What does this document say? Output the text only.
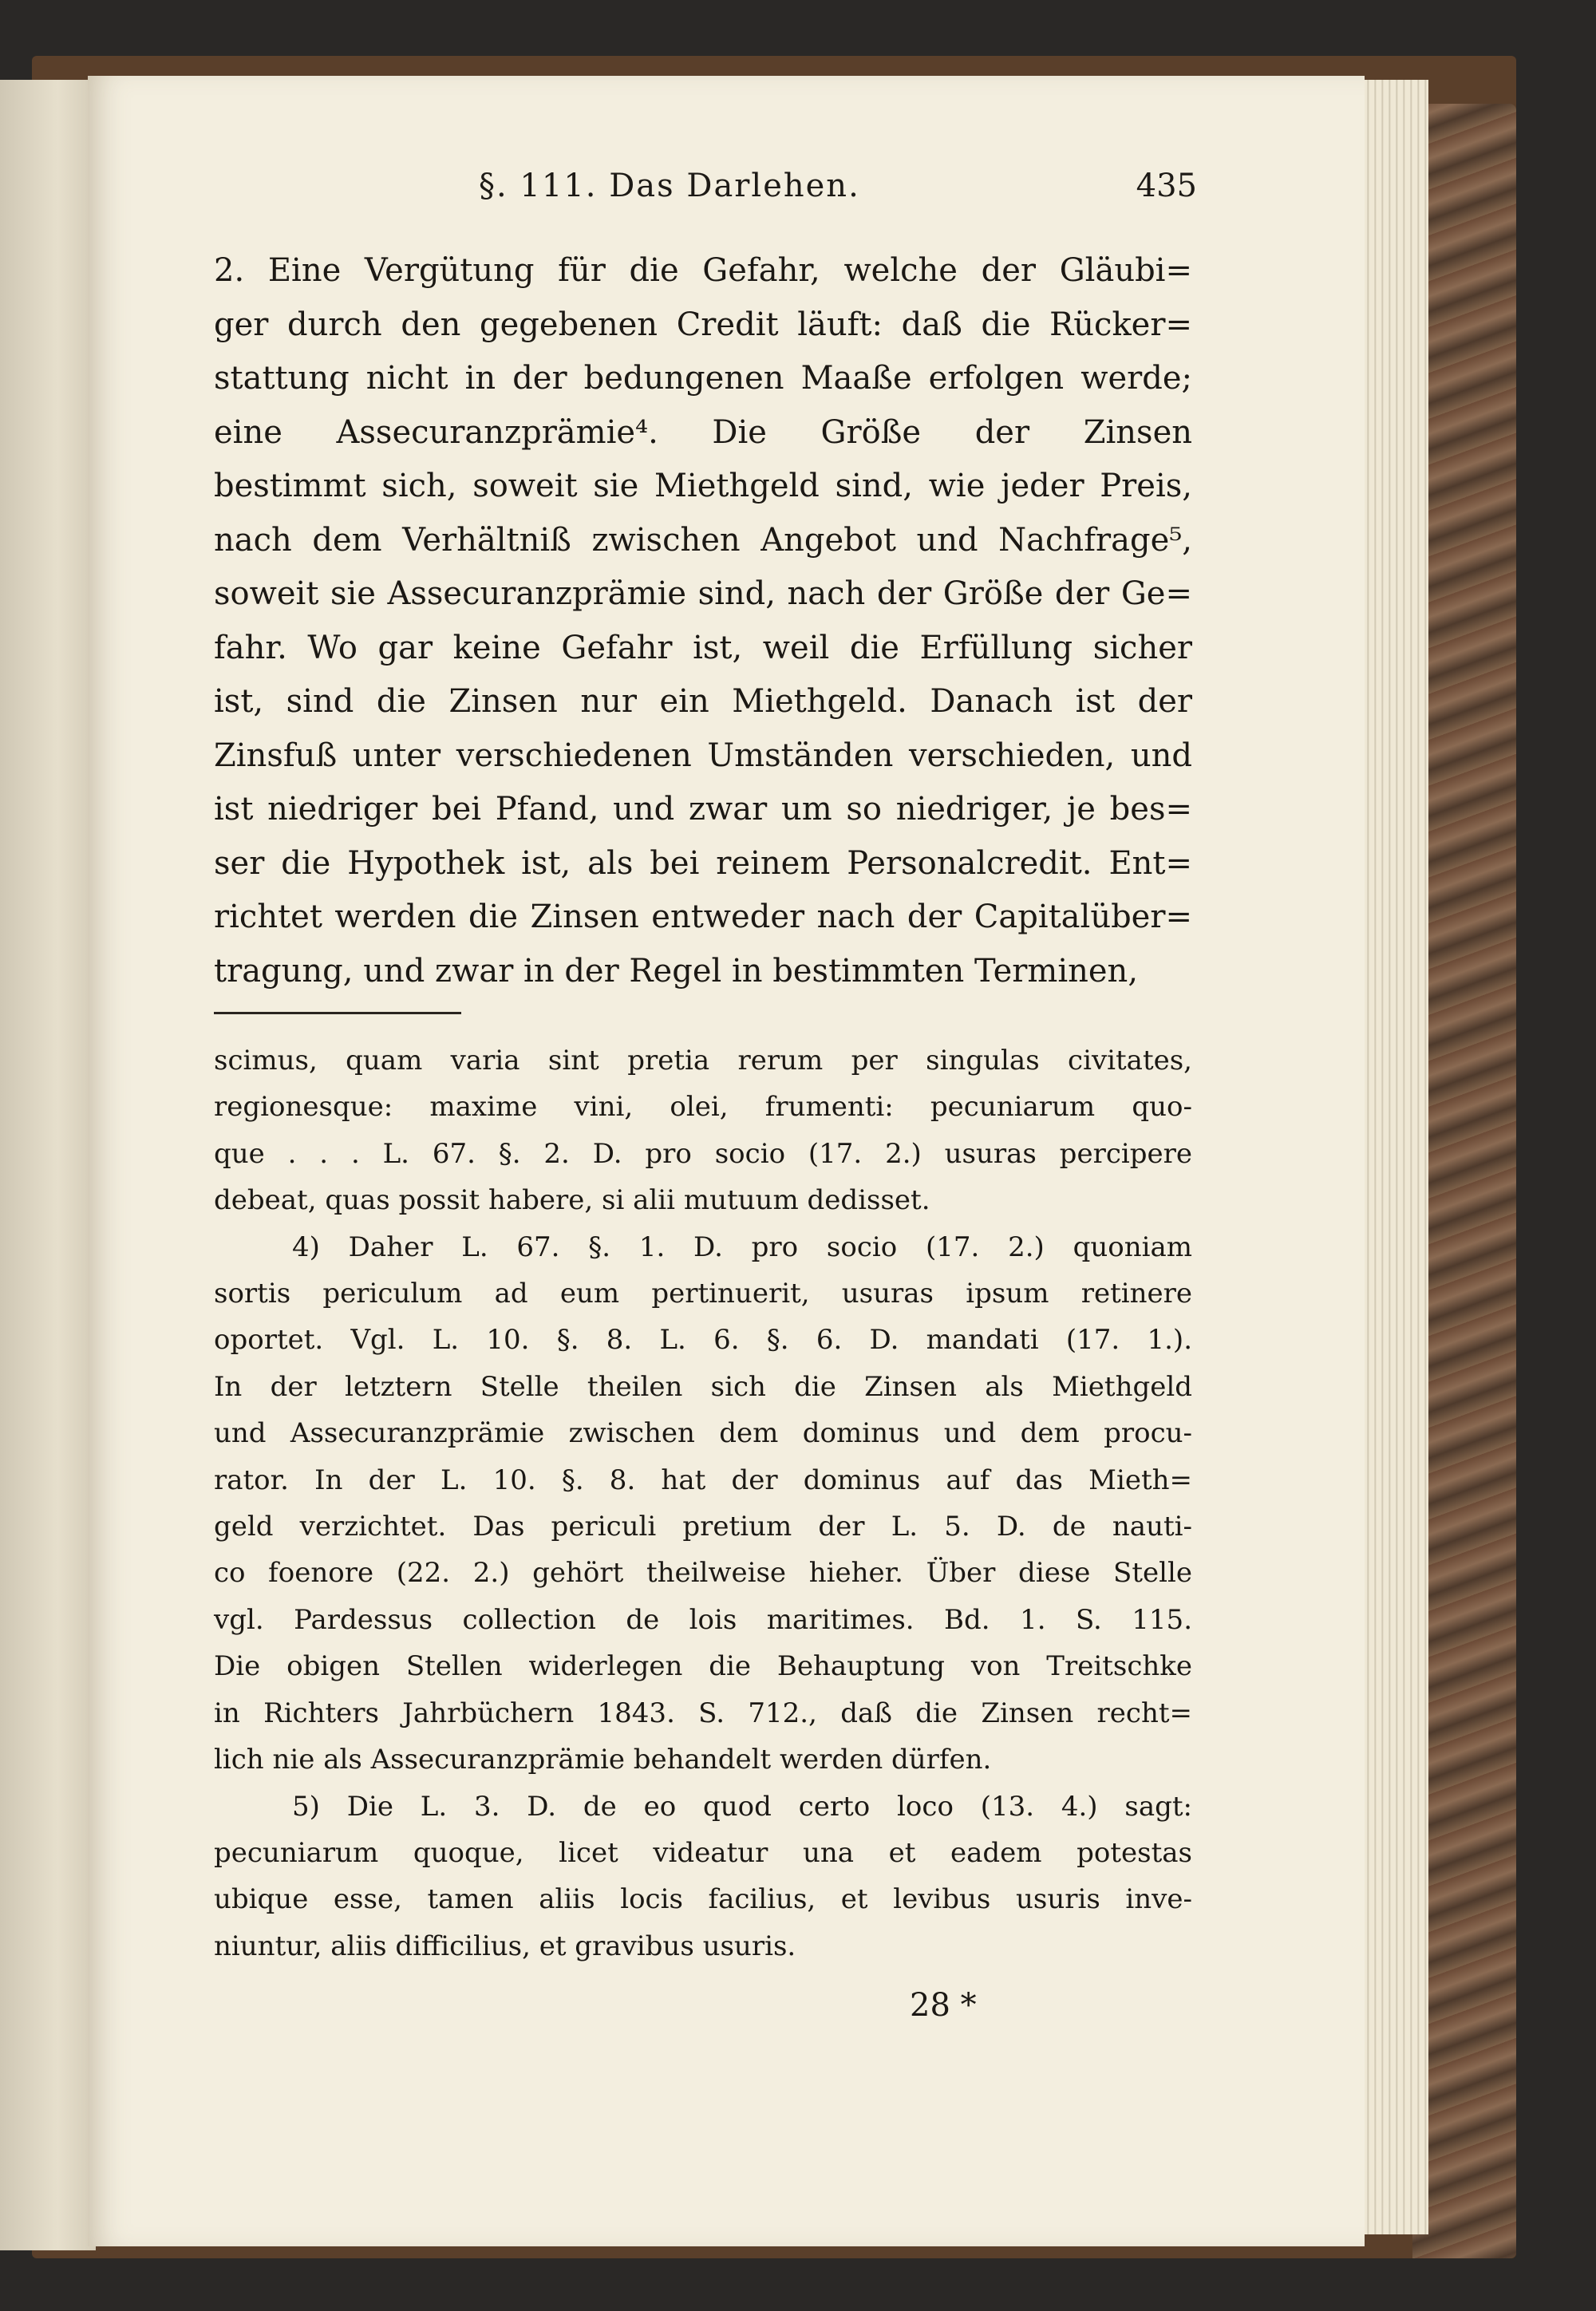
§. 111. Das Darlehen.	435
2. Eine Vergütung für die Gefahr, welche der Gläubi=
ger durch den gegebenen Credit läuft: daß die Rücker=
stattung nicht in der bedungenen Maaße erfolgen werde;
eine Assecuranzprämie⁴. Die Größe der Zinsen
bestimmt sich, soweit sie Miethgeld sind, wie jeder Preis,
nach dem Verhältniß zwischen Angebot und Nachfrage⁵,
soweit sie Assecuranzprämie sind, nach der Größe der Ge=
fahr. Wo gar keine Gefahr ist, weil die Erfüllung sicher
ist, sind die Zinsen nur ein Miethgeld. Danach ist der
Zinsfuß unter verschiedenen Umständen verschieden, und
ist niedriger bei Pfand, und zwar um so niedriger, je bes=
ser die Hypothek ist, als bei reinem Personalcredit. Ent=
richtet werden die Zinsen entweder nach der Capitalüber=
tragung, und zwar in der Regel in bestimmten Terminen,
scimus, quam varia sint pretia rerum per singulas civitates,
regionesque: maxime vini, olei, frumenti: pecuniarum quo-
que . . . L. 67. §. 2. D. pro socio (17. 2.) usuras percipere
debeat, quas possit habere, si alii mutuum dedisset.
4) Daher L. 67. §. 1. D. pro socio (17. 2.) quoniam
sortis periculum ad eum pertinuerit, usuras ipsum retinere
oportet. Vgl. L. 10. §. 8. L. 6. §. 6. D. mandati (17. 1.).
In der letztern Stelle theilen sich die Zinsen als Miethgeld
und Assecuranzprämie zwischen dem dominus und dem procu-
rator. In der L. 10. §. 8. hat der dominus auf das Mieth=
geld verzichtet. Das periculi pretium der L. 5. D. de nauti-
co foenore (22. 2.) gehört theilweise hieher. Über diese Stelle
vgl. Pardessus collection de lois maritimes. Bd. 1. S. 115.
Die obigen Stellen widerlegen die Behauptung von Treitschke
in Richters Jahrbüchern 1843. S. 712., daß die Zinsen recht=
lich nie als Assecuranzprämie behandelt werden dürfen.
5) Die L. 3. D. de eo quod certo loco (13. 4.) sagt:
pecuniarum quoque, licet videatur una et eadem potestas
ubique esse, tamen aliis locis facilius, et levibus usuris inve-
niuntur, aliis difficilius, et gravibus usuris.
28 *
